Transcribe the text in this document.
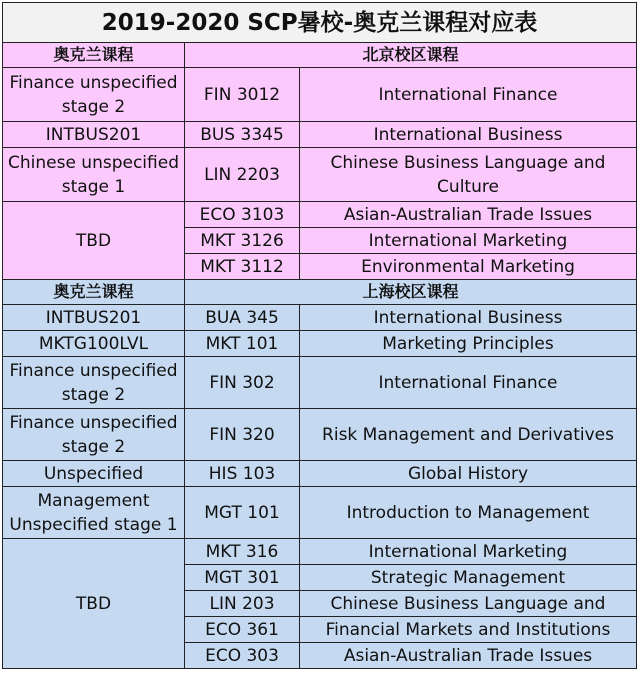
2019-2020 SCP暑校-奥克兰课程对应表		
奥克兰课程	北京校区课程	
Finance unspecified stage 2	FIN 3012	International Finance
INTBUS201	BUS 3345	International Business
Chinese unspecified stage 1	LIN 2203	Chinese Business Language and Culture
TBD	ECO 3103	Asian-Australian Trade Issues
	MKT 3126	International Marketing
	MKT 3112	Environmental Marketing
奥克兰课程	上海校区课程	
INTBUS201	BUA 345	International Business
MKTG100LVL	MKT 101	Marketing Principles
Finance unspecified stage 2	FIN 302	International Finance
Finance unspecified stage 2	FIN 320	Risk Management and Derivatives
Unspecified	HIS 103	Global History
Management Unspecified stage 1	MGT 101	Introduction to Management
TBD	MKT 316	International Marketing
	MGT 301	Strategic Management
	LIN 203	Chinese Business Language and
	ECO 361	Financial Markets and Institutions
	ECO 303	Asian-Australian Trade Issues
